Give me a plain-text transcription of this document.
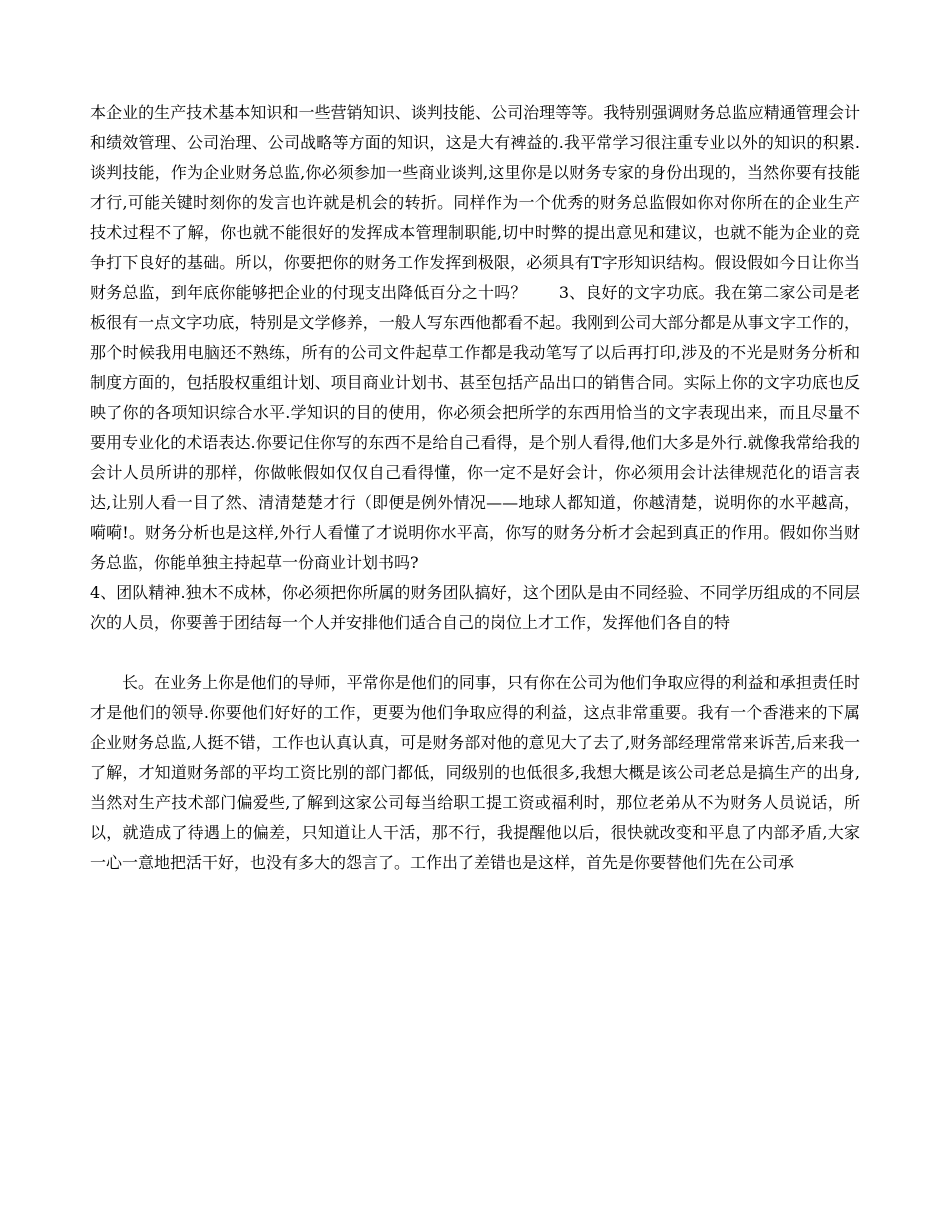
本企业的生产技术基本知识和一些营销知识、谈判技能、公司治理等等。我特别强调财务总监应精通管理会计和绩效管理、公司治理、公司战略等方面的知识，这是大有裨益的.我平常学习很注重专业以外的知识的积累.　　谈判技能，作为企业财务总监,你必须参加一些商业谈判,这里你是以财务专家的身份出现的，当然你要有技能才行,可能关键时刻你的发言也许就是机会的转折。同样作为一个优秀的财务总监假如你对你所在的企业生产技术过程不了解，你也就不能很好的发挥成本管理制职能,切中时弊的提出意见和建议，也就不能为企业的竞争打下良好的基础。所以，你要把你的财务工作发挥到极限，必须具有T字形知识结构。假设假如今日让你当财务总监，到年底你能够把企业的付现支出降低百分之十吗？　　3、良好的文字功底。我在第二家公司是老板很有一点文字功底，特别是文学修养，一般人写东西他都看不起。我刚到公司大部分都是从事文字工作的，那个时候我用电脑还不熟练，所有的公司文件起草工作都是我动笔写了以后再打印,涉及的不光是财务分析和制度方面的，包括股权重组计划、项目商业计划书、甚至包括产品出口的销售合同。实际上你的文字功底也反映了你的各项知识综合水平.学知识的目的使用，你必须会把所学的东西用恰当的文字表现出来，而且尽量不要用专业化的术语表达.你要记住你写的东西不是给自己看得，是个别人看得,他们大多是外行.就像我常给我的会计人员所讲的那样，你做帐假如仅仅自己看得懂，你一定不是好会计，你必须用会计法律规范化的语言表达,让别人看一目了然、清清楚楚才行（即便是例外情况——地球人都知道，你越清楚，说明你的水平越高，嗬嗬!。财务分析也是这样,外行人看懂了才说明你水平高，你写的财务分析才会起到真正的作用。假如你当财务总监，你能单独主持起草一份商业计划书吗?

4、团队精神.独木不成林，你必须把你所属的财务团队搞好，这个团队是由不同经验、不同学历组成的不同层次的人员，你要善于团结每一个人并安排他们适合自己的岗位上才工作，发挥他们各自的特

长。在业务上你是他们的导师，平常你是他们的同事，只有你在公司为他们争取应得的利益和承担责任时才是他们的领导.你要他们好好的工作，更要为他们争取应得的利益，这点非常重要。我有一个香港来的下属企业财务总监,人挺不错，工作也认真认真，可是财务部对他的意见大了去了,财务部经理常常来诉苦,后来我一了解，才知道财务部的平均工资比别的部门都低，同级别的也低很多,我想大概是该公司老总是搞生产的出身,当然对生产技术部门偏爱些,了解到这家公司每当给职工提工资或福利时，那位老弟从不为财务人员说话，所以，就造成了待遇上的偏差，只知道让人干活，那不行，我提醒他以后，很快就改变和平息了内部矛盾,大家一心一意地把活干好，也没有多大的怨言了。工作出了差错也是这样，首先是你要替他们先在公司承
